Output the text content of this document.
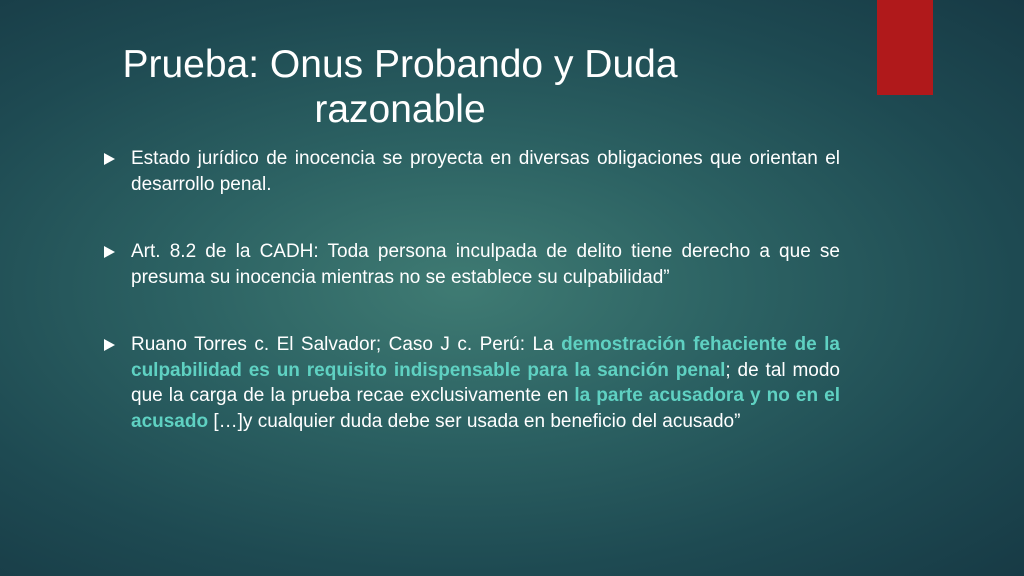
Prueba: Onus Probando y Duda
razonable
Estado jurídico de inocencia se proyecta en diversas obligaciones que orientan el desarrollo penal.
Art. 8.2 de la CADH: Toda persona inculpada de delito tiene derecho a que se presuma su inocencia mientras no se establece su culpabilidad”
Ruano Torres c. El Salvador; Caso J c. Perú: La demostración fehaciente de la culpabilidad es un requisito indispensable para la sanción penal; de tal modo que la carga de la prueba recae exclusivamente en la parte acusadora y no en el acusado […]y cualquier duda debe ser usada en beneficio del acusado”
